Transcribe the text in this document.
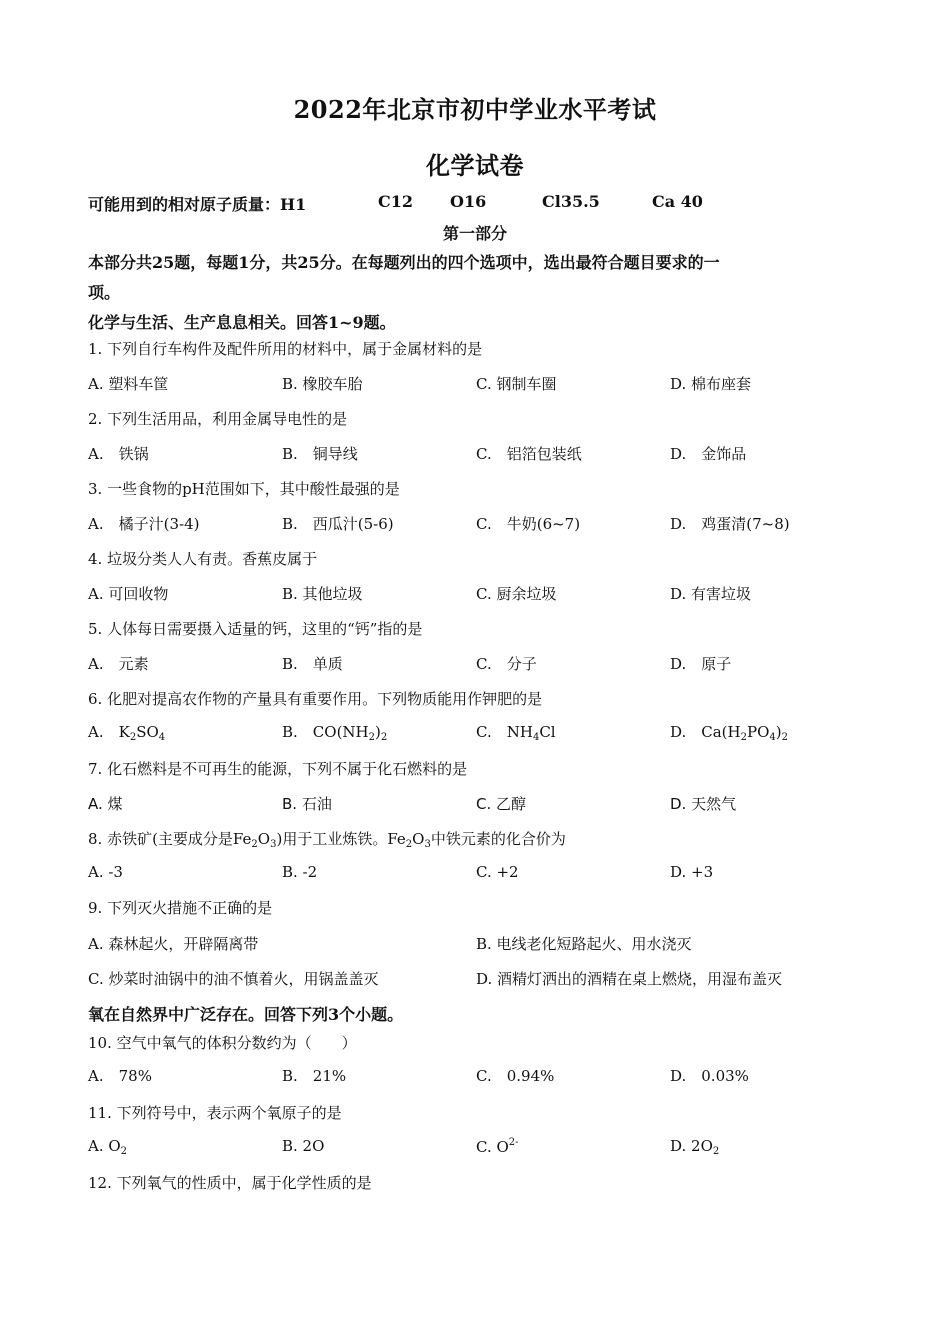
2022年北京市初中学业水平考试
化学试卷
可能用到的相对原子质量：H1	C12 O16	Cl35.5	Ca 40
第一部分
本部分共25题，每题1分，共25分。在每题列出的四个选项中，选出最符合题目要求的一
项。
化学与生活、生产息息相关。回答1~9题。
1. 下列自行车构件及配件所用的材料中，属于金属材料的是
A. 塑料车筐	B. 橡胶车胎	C. 钢制车圈	D. 棉布座套
2. 下列生活用品，利用金属导电性的是
A. 铁锅	B. 铜导线	C. 铝箔包装纸	D. 金饰品
3. 一些食物的pH范围如下，其中酸性最强的是
A. 橘子汁(3-4)	B. 西瓜汁(5-6)	C. 牛奶(6~7)	D. 鸡蛋清(7~8)
4. 垃圾分类人人有责。香蕉皮属于
A. 可回收物	B. 其他垃圾	C. 厨余垃圾	D. 有害垃圾
5. 人体每日需要摄入适量的钙，这里的“钙”指的是
A. 元素	B. 单质	C. 分子	D. 原子
6. 化肥对提高农作物的产量具有重要作用。下列物质能用作钾肥的是
A. $K_2SO_4$	B. $CO(NH_2)_2$	C. $NH_4Cl$	D. $Ca(H_2PO_4)_2$
7. 化石燃料是不可再生的能源，下列不属于化石燃料的是
A. 煤	B. 石油	C. 乙醇	D. 天然气
8. 赤铁矿(主要成分是$Fe_2O_3$)用于工业炼铁。$Fe_2O_3$中铁元素的化合价为
A. -3	B. -2	C. +2	D. +3
9. 下列灭火措施不正确的是
A. 森林起火，开辟隔离带	B. 电线老化短路起火、用水浇灭
C. 炒菜时油锅中的油不慎着火，用锅盖盖灭	D. 酒精灯洒出的酒精在桌上燃烧，用湿布盖灭
氧在自然界中广泛存在。回答下列3个小题。
10. 空气中氧气的体积分数约为（  ）
A. 78%	B. 21%	C. 0.94%	D. 0.03%
11. 下列符号中，表示两个氧原子的是
A. $O_2$	B. 2O	C. $O^{2-}$	D. $2O_2$
12. 下列氧气的性质中，属于化学性质的是
